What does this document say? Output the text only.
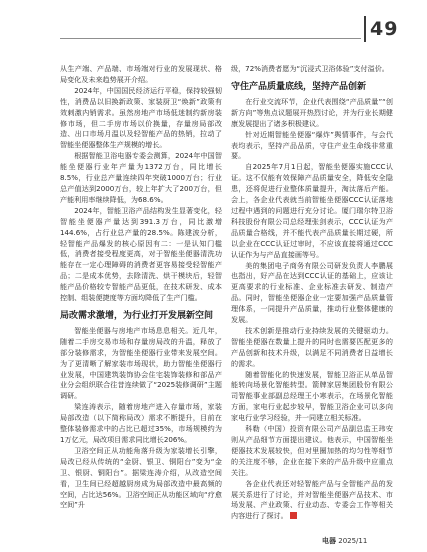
49

从生产端、产品端、市场端对行业的发展现状、格局变化及未来趋势展开介绍。

2024年，中国国民经济运行平稳，保持较强韧性，消费品以旧换新政策、家装厨卫“焕新”政策有效刺激内销需求。虽然房地产市场低迷制约新房装修市场，但二手房市场以价换量，存量房局部改造、出口市场月温以及轻智能产品的热销，拉动了智能坐便器整体生产规模的增长。

根据智能卫浴电器专委会测算，2024年中国智能坐便器行业年产量为1372万台，同比增长8.5%，行业总产量连续四年突破1000万台；行业总产值达到2000万台，较上年扩大了200万台，但产能利用率继续降低，为68.6%。

2024年，智能卫浴产品结构发生显著变化，轻智能坐便器产量达到391.3万台，同比激增144.6%，占行业总产量的28.5%。陈建波分析，轻智能产品爆发的核心原因有二：一是认知门槛低，消费者接受程度更高，对于智能坐便器清洗功能存在一定心理障碍的消费者更容易接受轻智能产品；二是成本优势，去除清洗、烘干模块后，轻智能产品价格较专智能产品更低，在技术研发、成本控制、组装便捷度等方面均降低了生产门槛。

局改需求激增，为行业打开发展新空间

智能坐便器与房地产市场息息相关。近几年，随着二手房交易市场和存量房局改的升温，释放了部分装修需求，为智能坐便器行业带来发展空间。为了更清晰了解家装市场现状，助力智能坐便器行业发展，中国建筑装饰协会住宅装饰装修和部品产业分会组织联合往昔连续做了“2025装修调研”主题调研。

梁连涛表示，随着房地产进入存量市场，家装局部改造（以下简称局改）需求不断提升，目前在整体装修需求中的占比已超过35%，市场规模约为1万亿元，局改项目需求同比增长206%。

卫浴空间正从功能角落升级为家装增长引擎，局改已经从传统的“金厨、银卫、铜阳台”变为“金卫、银厨、铜阳台”。据梁连涛介绍，从改造空间看，卫生间已经超越厨房成为局部改造中最高频的空间，占比达56%。卫浴空间正从功能区域向“疗愈空间”升

级，72%消费者愿为“沉浸式卫浴体验”支付溢价。

守住产品质量底线，坚持产品创新

在行业交流环节，企业代表围绕“产品质量”“创新方向”等焦点议题展开热烈讨论，并为行业长期健康发展提出了诸多积极建议。

针对近期智能坐便器“爆炸”舆情事件，与会代表均表示，坚持产品品质，守住产业生命线非常重要。

自2025年7月1日起，智能坐便器实施CCC认证。这不仅能有效保障产品质量安全，降低安全隐患，还将促进行业整体质量提升，淘汰落后产能。会上，各企业代表就当前智能坐便器CCC认证落地过程中遇到的问题进行充分讨论。厦门瑞尔特卫浴科技股份有限公司总经理张剑表示，CCC认证为产品质量合格线，并不能代表产品质量长期过硬，所以企业在CCC认证过审时，不应该直接将通过CCC认证作为与产品直接画等号。

美的集团电子商务有限公司研发负责人李鹏展也指出，好产品在达到CCC认证的基础上，应该让更高要求的行业标准、企业标准去研发、制造产品。同时，智能坐便器企业一定要加强产品质量管理体系，一同提升产品质量，推动行业整体健康的发展。

技术创新是推动行业持续发展的关键驱动力。智能坐便器在数量上提升的同时也需要匹配更多的产品创新和技术升级，以满足不同消费者日益增长的需求。

随着智能化的快速发展，智能卫浴正从单品智能转向场景化智能转型。箭牌家居集团股份有限公司智能事业部副总经理王小寒表示，在场景化智能方面，家电行业起步较早，智能卫浴企业可以多向家电行业学习经验，并一同建立相关标准。

科勒（中国）投资有限公司产品副总监王玮安则从产品细节方面提出建议。他表示，中国智能坐便器技术发展较快，但对里圈加热的均匀性等细节的关注度不够，企业在接下来的产品升级中应重点关注。

各企业代表还对轻智能产品与全智能产品的发展关系进行了讨论，并对智能坐便器产品技术、市场发展、产业政策、行业动态、专委会工作等相关内容进行了探讨。

电器 2025/11
